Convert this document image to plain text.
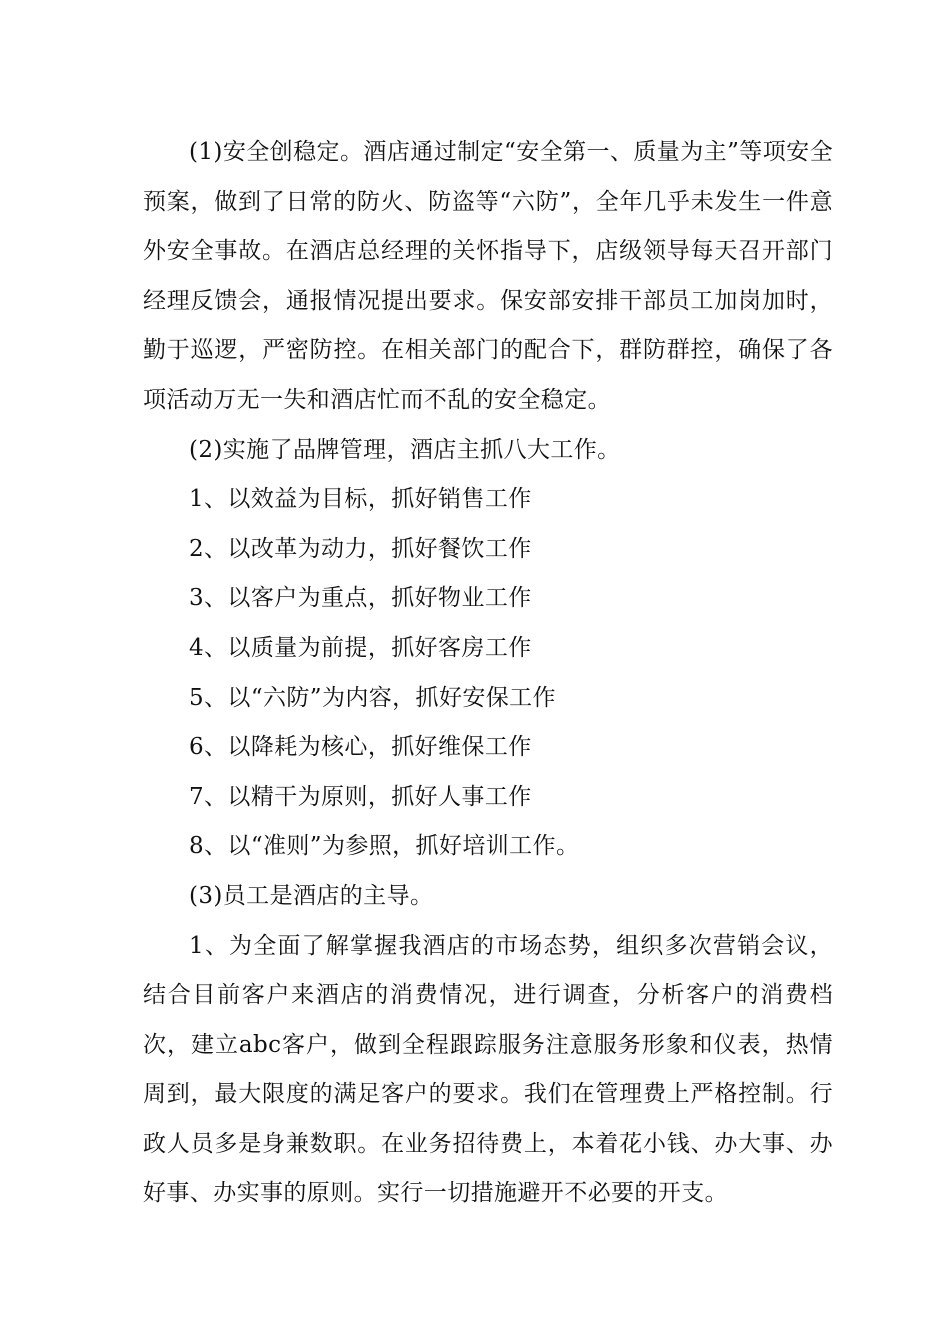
(1)安全创稳定。酒店通过制定“安全第一、质量为主”等项安全预案，做到了日常的防火、防盗等“六防”，全年几乎未发生一件意外安全事故。在酒店总经理的关怀指导下，店级领导每天召开部门经理反馈会，通报情况提出要求。保安部安排干部员工加岗加时，勤于巡逻，严密防控。在相关部门的配合下，群防群控，确保了各项活动万无一失和酒店忙而不乱的安全稳定。

(2)实施了品牌管理，酒店主抓八大工作。

1、以效益为目标，抓好销售工作

2、以改革为动力，抓好餐饮工作

3、以客户为重点，抓好物业工作

4、以质量为前提，抓好客房工作

5、以“六防”为内容，抓好安保工作

6、以降耗为核心，抓好维保工作

7、以精干为原则，抓好人事工作

8、以“准则”为参照，抓好培训工作。

(3)员工是酒店的主导。

1、为全面了解掌握我酒店的市场态势，组织多次营销会议，结合目前客户来酒店的消费情况，进行调查，分析客户的消费档次，建立abc客户，做到全程跟踪服务注意服务形象和仪表，热情周到，最大限度的满足客户的要求。我们在管理费上严格控制。行政人员多是身兼数职。在业务招待费上，本着花小钱、办大事、办好事、办实事的原则。实行一切措施避开不必要的开支。
